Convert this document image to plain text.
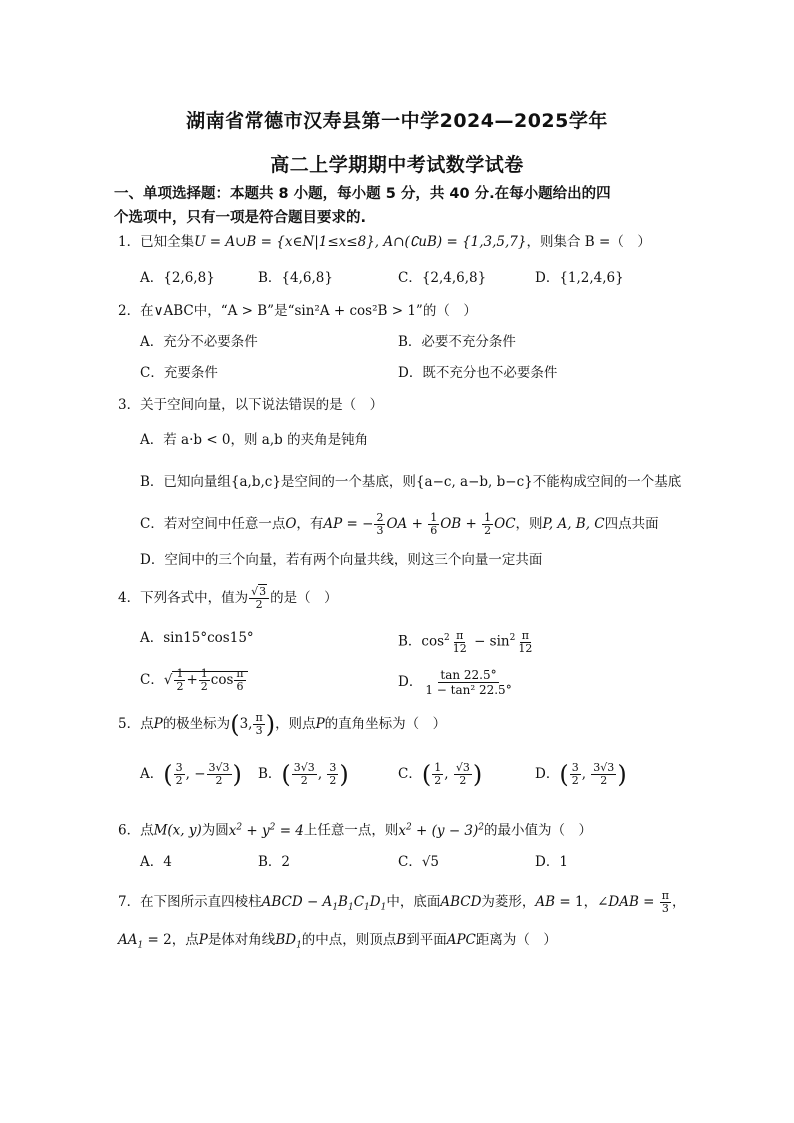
湖南省常德市汉寿县第一中学2024—2025学年
高二上学期期中考试数学试卷
一、单项选择题：本题共 8 小题，每小题 5 分，共 40 分.在每小题给出的四
个选项中，只有一项是符合题目要求的.
1．已知全集U = A∪B = {x∈N|1≤x≤8}, A∩(∁uB) = {1,3,5,7}，则集合 B =（　）
A．{2,6,8}	B．{4,6,8}	C．{2,4,6,8}	D．{1,2,4,6}
2．在∨ABC中，“A > B”是“sin²A + cos²B > 1”的（　）
A．充分不必要条件	B．必要不充分条件
C．充要条件	D．既不充分也不必要条件
3．关于空间向量，以下说法错误的是（　）
A．若 a·b < 0，则 a,b 的夹角是钝角
B．已知向量组{a,b,c}是空间的一个基底，则{a−c, a−b, b−c}不能构成空间的一个基底
C．若对空间中任意一点O，有AP = − $\frac{2}{3}$ OA + $\frac{1}{6}$ OB + $\frac{1}{2}$ OC，则P, A, B, C四点共面
D．空间中的三个向量，若有两个向量共线，则这三个向量一定共面
4．下列各式中，值为 $\frac{√3}{2}$ 的是（　）
A．sin15°cos15°	B．$\cos^2 \frac{\pi}{12} - \sin^2 \frac{\pi}{12}$
C．√ $\frac{1}{2} + \frac{1}{2}$ $\cos \frac{\pi}{6}$	D． $\frac{\tan 22.5^\circ}{\text{1 − tan² 22.5°}}$
5．点P的极坐标为(3, $\frac{\pi}{3}$ )，则点P的直角坐标为（　）
A．( $\frac{3}{2}$ , − $\frac{3√3}{2}$ ) B．( $\frac{3√3}{2}$ , $\frac{3}{2}$ )	C．( $\frac{1}{2}$ , $\frac{√3}{2}$ )	D．( $\frac{3}{2}$ , $\frac{3√3}{2}$ )
6．点M(x, y)为圆$x^2 + y^2 = 4$上任意一点，则$x^2 + (y - 3)^2$的最小值为（　）
A．4	B．2	C．√5	D．1
7．在下图所示直四棱柱ABCD − $A_1B_1C_1D_1$中，底面ABCD为菱形，AB = 1，∠DAB = $\frac{\pi}{3}$ ，
$AA_1 = 2$，点P是体对角线$BD_1$的中点，则顶点B到平面APC距离为（　）
